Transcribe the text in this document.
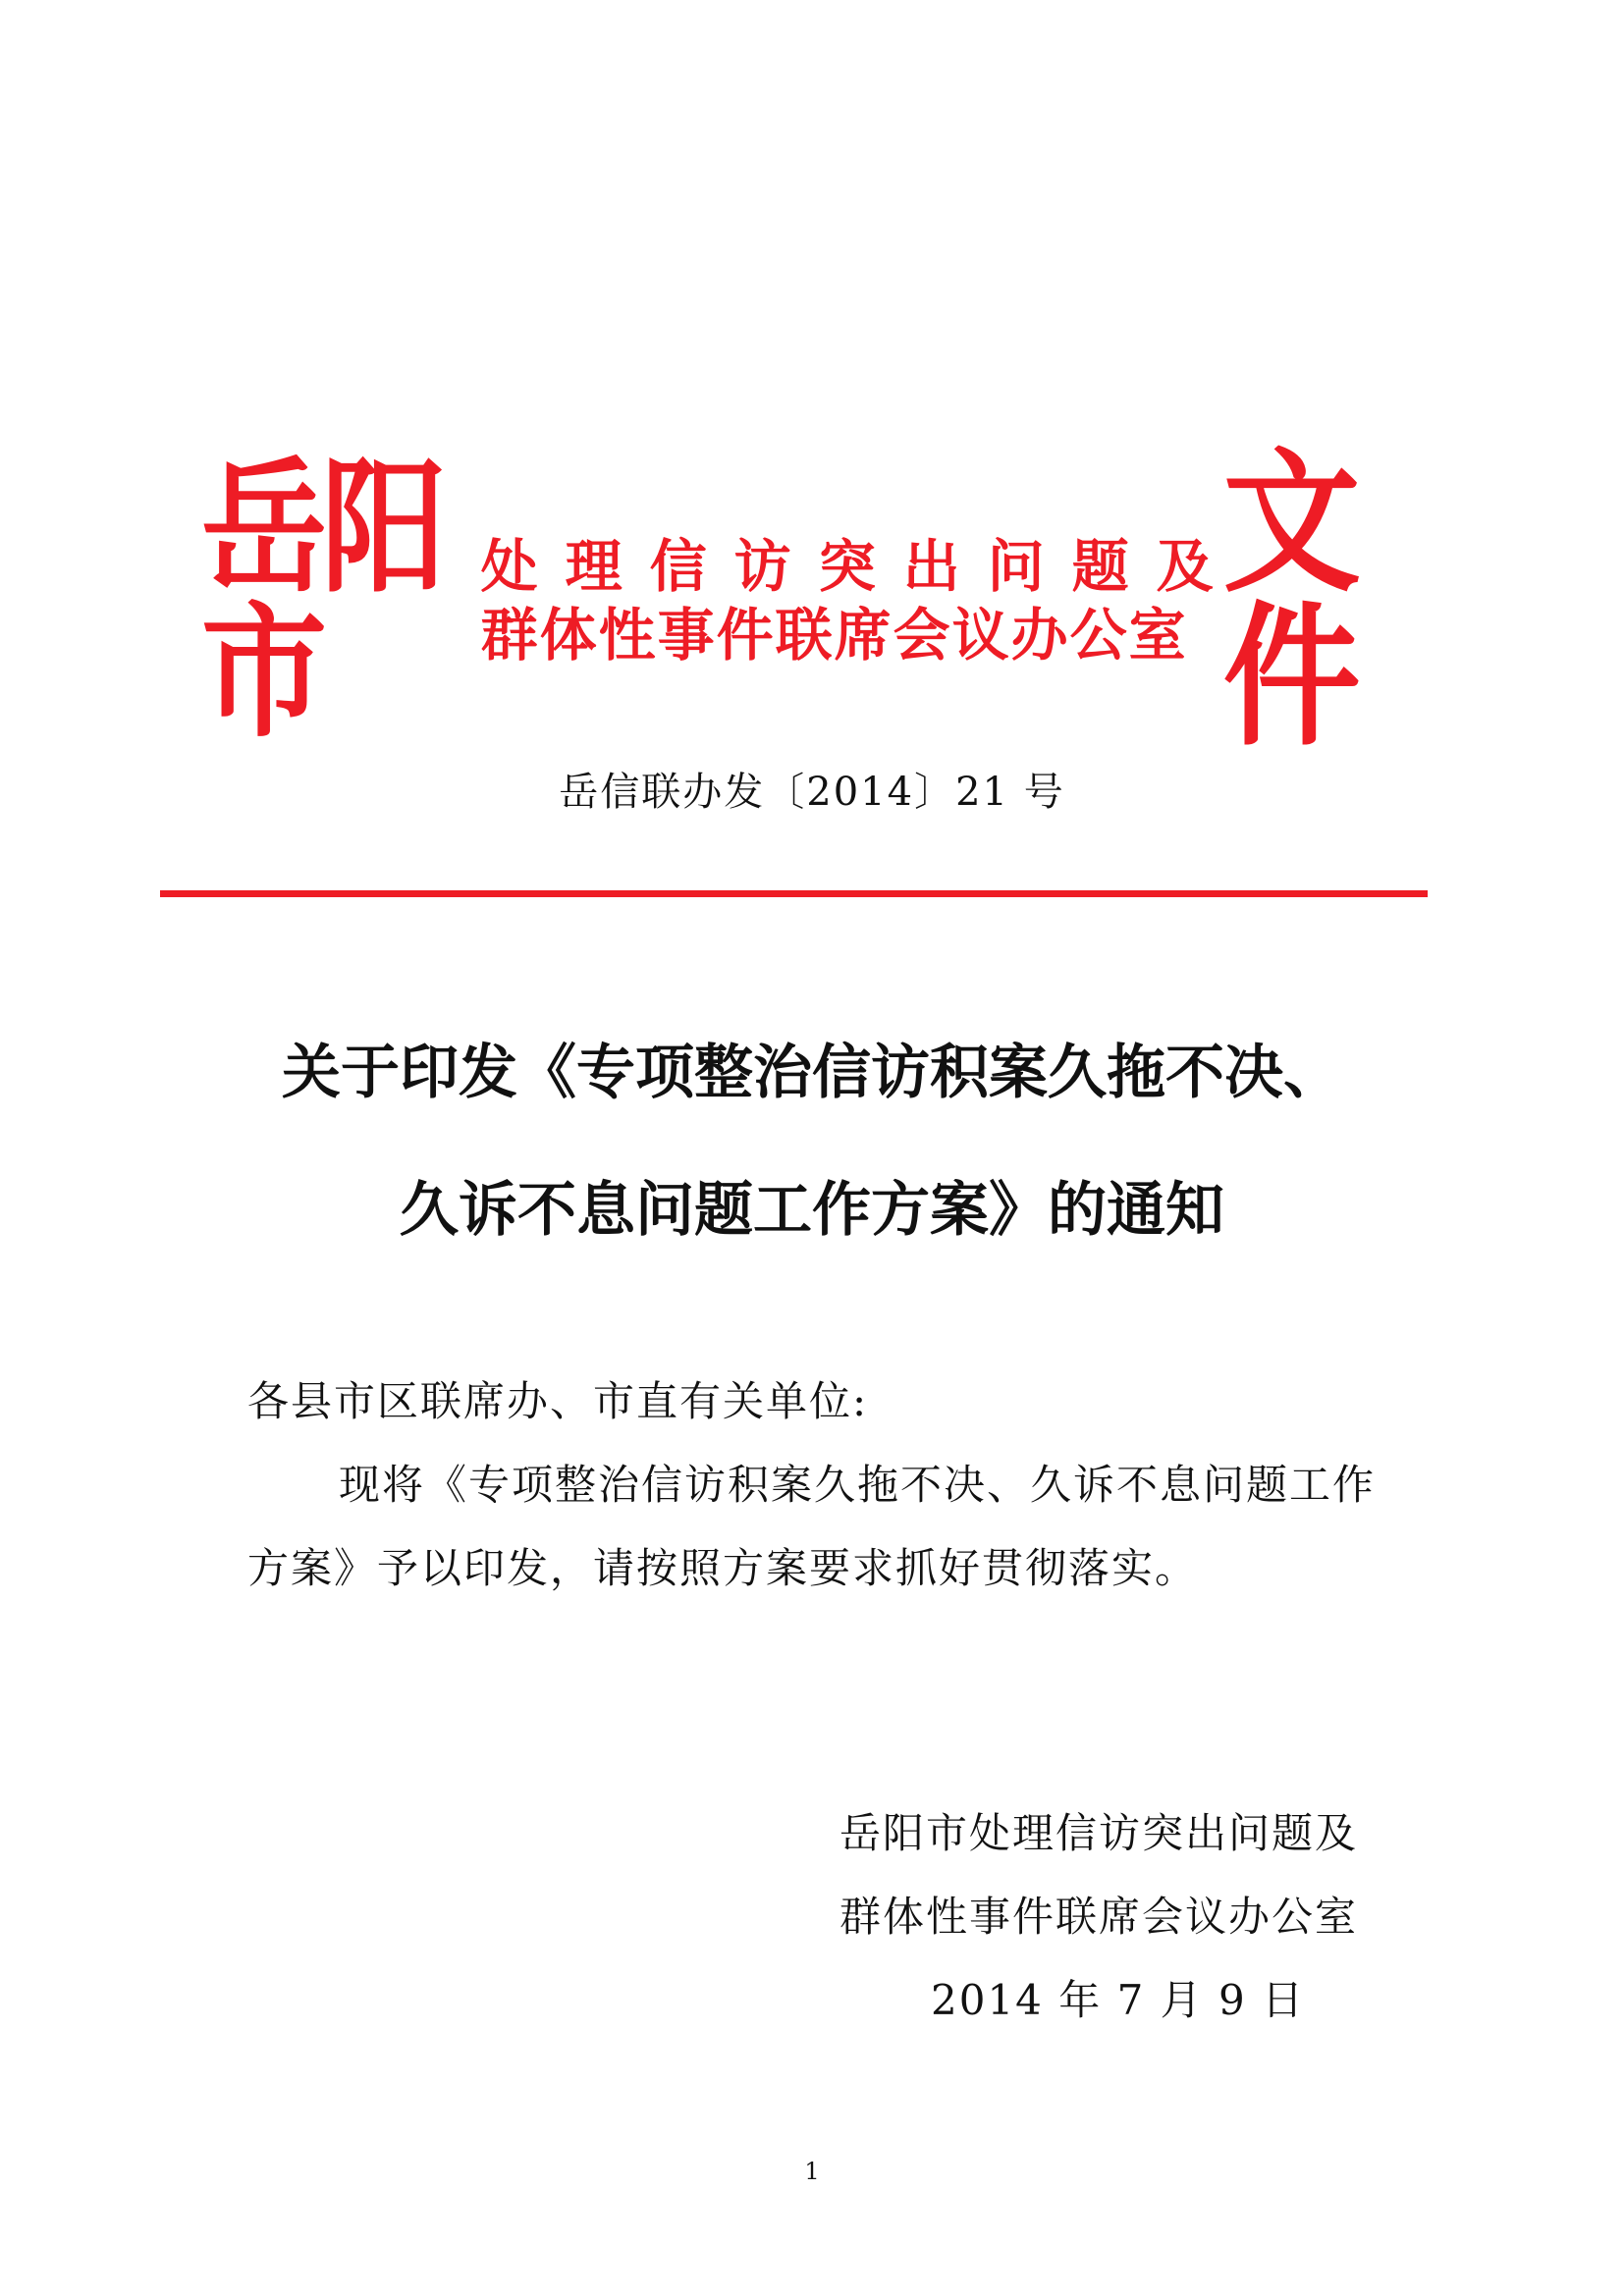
岳阳市
处理信访突出问题及
群体性事件联席会议办公室
文件
岳信联办发〔2014〕21 号
关于印发《专项整治信访积案久拖不决、
久诉不息问题工作方案》的通知
各县市区联席办、市直有关单位:
现将《专项整治信访积案久拖不决、久诉不息问题工作
方案》予以印发，请按照方案要求抓好贯彻落实。
岳阳市处理信访突出问题及
群体性事件联席会议办公室
2014 年 7 月 9 日
1
